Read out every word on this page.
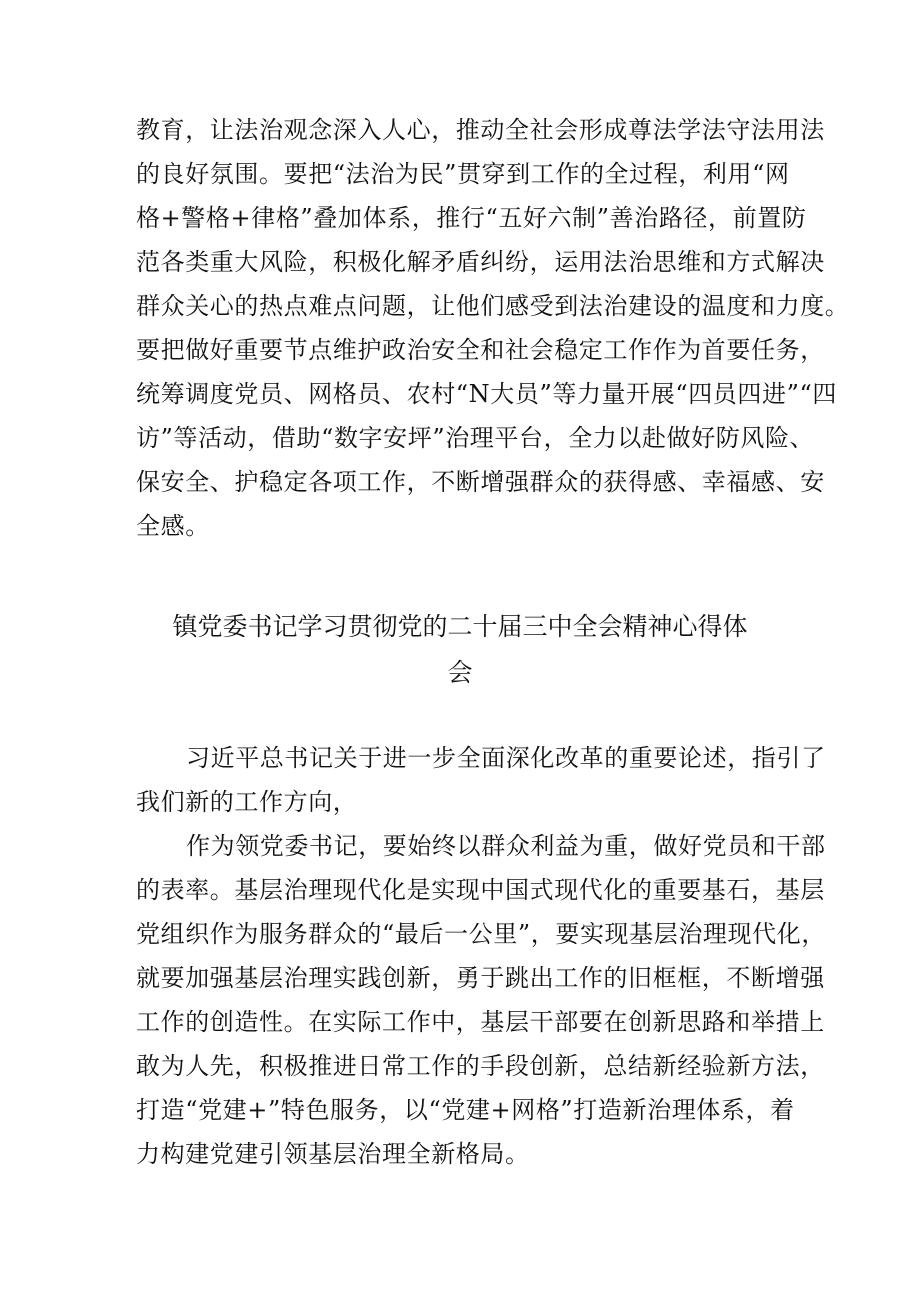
教育，让法治观念深入人心，推动全社会形成尊法学法守法用法
的良好氛围。要把“法治为民”贯穿到工作的全过程，利用“网
格+警格+律格”叠加体系，推行“五好六制”善治路径，前置防
范各类重大风险，积极化解矛盾纠纷，运用法治思维和方式解决
群众关心的热点难点问题，让他们感受到法治建设的温度和力度。
要把做好重要节点维护政治安全和社会稳定工作作为首要任务，
统筹调度党员、网格员、农村“N大员”等力量开展“四员四进”“四
访”等活动，借助“数字安坪”治理平台，全力以赴做好防风险、
保安全、护稳定各项工作，不断增强群众的获得感、幸福感、安
全感。
镇党委书记学习贯彻党的二十届三中全会精神心得体
会
习近平总书记关于进一步全面深化改革的重要论述，指引了
我们新的工作方向，
作为领党委书记，要始终以群众利益为重，做好党员和干部
的表率。基层治理现代化是实现中国式现代化的重要基石，基层
党组织作为服务群众的“最后一公里”，要实现基层治理现代化，
就要加强基层治理实践创新，勇于跳出工作的旧框框，不断增强
工作的创造性。在实际工作中，基层干部要在创新思路和举措上
敢为人先，积极推进日常工作的手段创新，总结新经验新方法，
打造“党建+”特色服务，以“党建+网格”打造新治理体系，着
力构建党建引领基层治理全新格局。
